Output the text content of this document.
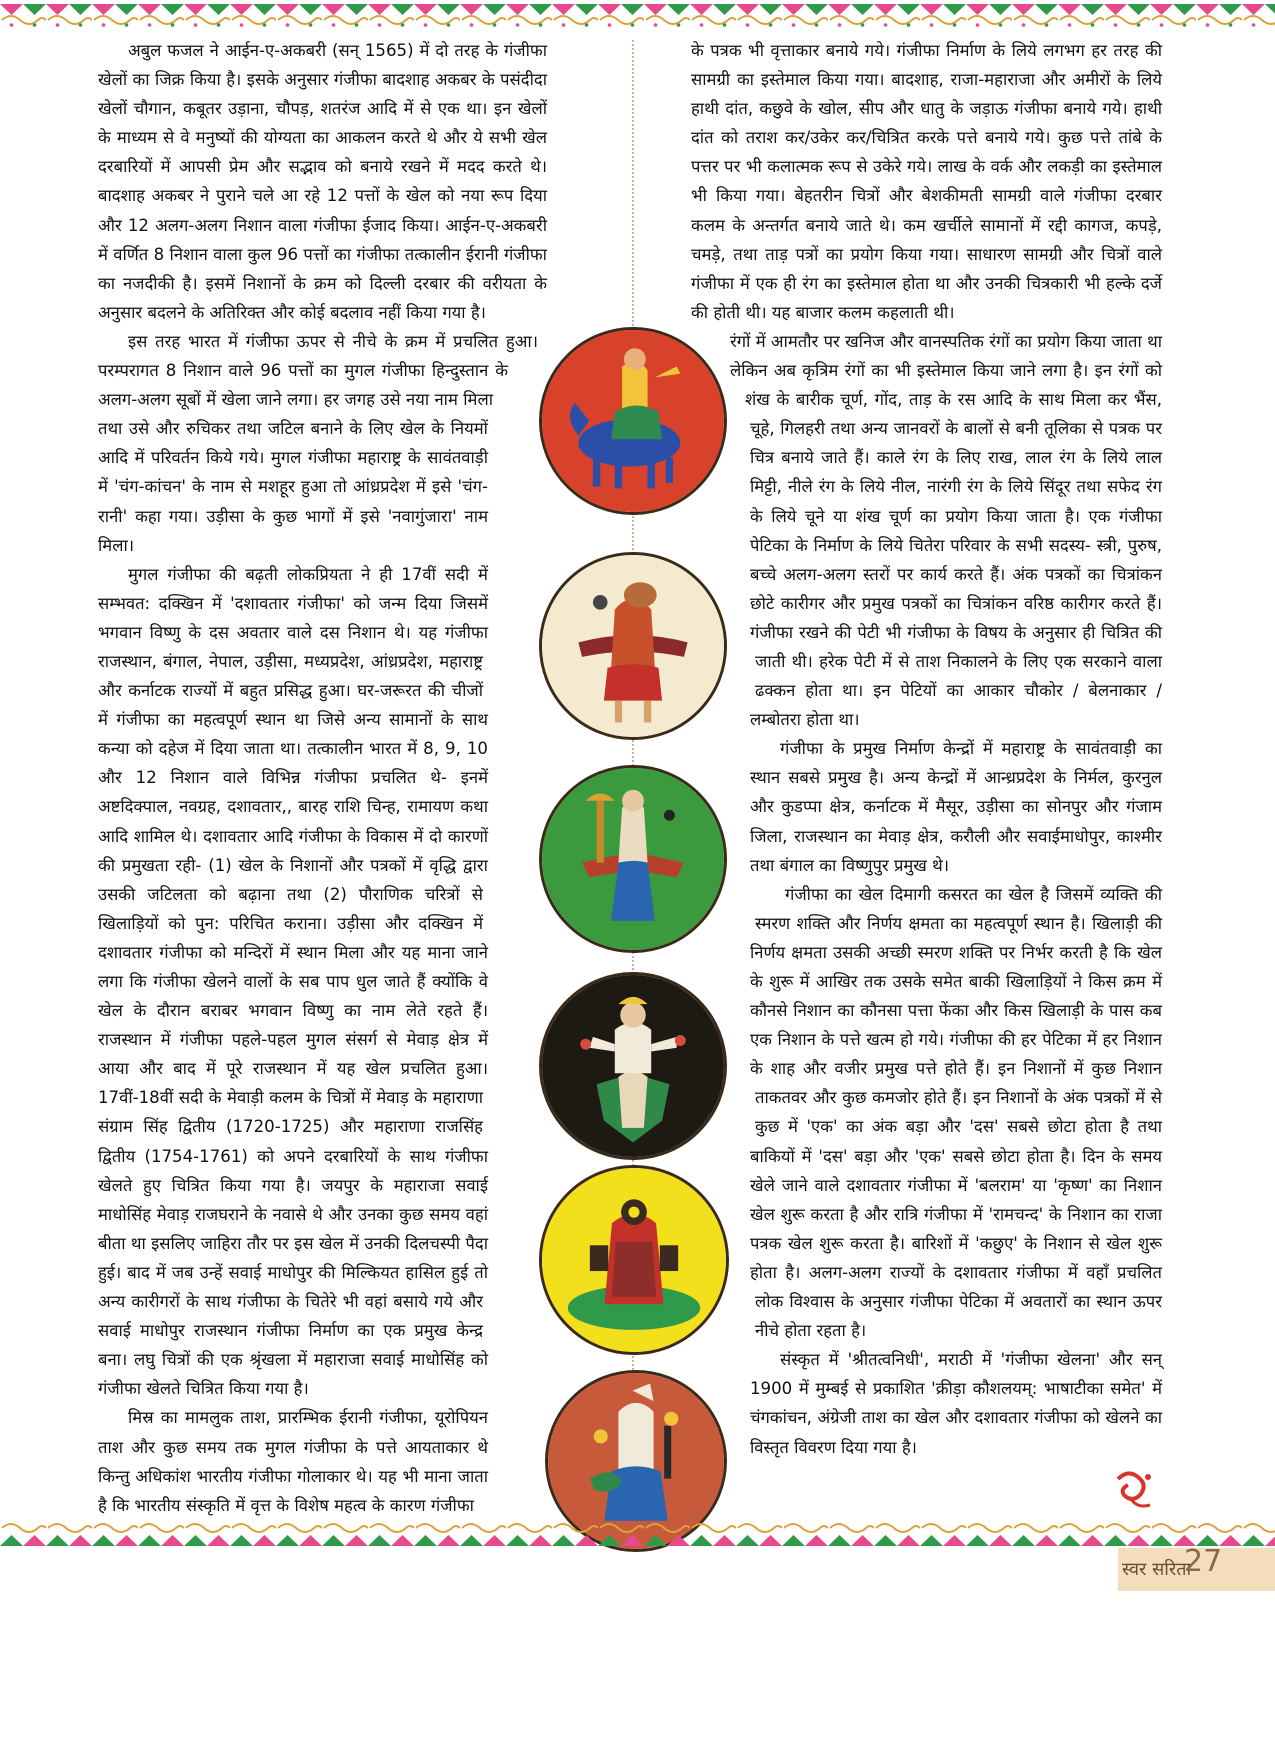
अबुल फजल ने आईन-ए-अकबरी (सन् 1565) में दो तरह के गंजीफा खेलों का जिक्र किया है। इसके अनुसार गंजीफा बादशाह अकबर के पसंदीदा खेलों चौगान, कबूतर उड़ाना, चौपड़, शतरंज आदि में से एक था। इन खेलों के माध्यम से वे मनुष्यों की योग्यता का आकलन करते थे और ये सभी खेल दरबारियों में आपसी प्रेम और सद्भाव को बनाये रखने में मदद करते थे। बादशाह अकबर ने पुराने चले आ रहे 12 पत्तों के खेल को नया रूप दिया और 12 अलग-अलग निशान वाला गंजीफा ईजाद किया। आईन-ए-अकबरी में वर्णित 8 निशान वाला कुल 96 पत्तों का गंजीफा तत्कालीन ईरानी गंजीफा का नजदीकी है। इसमें निशानों के क्रम को दिल्ली दरबार की वरीयता के अनुसार बदलने के अतिरिक्त और कोई बदलाव नहीं किया गया है।

इस तरह भारत में गंजीफा ऊपर से नीचे के क्रम में प्रचलित हुआ। परम्परागत 8 निशान वाले 96 पत्तों का मुगल गंजीफा हिन्दुस्तान के अलग-अलग सूबों में खेला जाने लगा। हर जगह उसे नया नाम मिला तथा उसे और रुचिकर तथा जटिल बनाने के लिए खेल के नियमों आदि में परिवर्तन किये गये। मुगल गंजीफा महाराष्ट्र के सावंतवाड़ी में 'चंग-कांचन' के नाम से मशहूर हुआ तो आंध्रप्रदेश में इसे 'चंग-रानी' कहा गया। उड़ीसा के कुछ भागों में इसे 'नवागुंजारा' नाम मिला।

मुगल गंजीफा की बढ़ती लोकप्रियता ने ही 17वीं सदी में सम्भवत: दक्खिन में 'दशावतार गंजीफा' को जन्म दिया जिसमें भगवान विष्णु के दस अवतार वाले दस निशान थे। यह गंजीफा राजस्थान, बंगाल, नेपाल, उड़ीसा, मध्यप्रदेश, आंध्रप्रदेश, महाराष्ट्र और कर्नाटक राज्यों में बहुत प्रसिद्ध हुआ। घर-जरूरत की चीजों में गंजीफा का महत्वपूर्ण स्थान था जिसे अन्य सामानों के साथ कन्या को दहेज में दिया जाता था। तत्कालीन भारत में 8, 9, 10 और 12 निशान वाले विभिन्न गंजीफा प्रचलित थे- इनमें अष्टदिक्पाल, नवग्रह, दशावतार,, बारह राशि चिन्ह, रामायण कथा आदि शामिल थे। दशावतार आदि गंजीफा के विकास में दो कारणों की प्रमुखता रही- (1) खेल के निशानों और पत्रकों में वृद्धि द्वारा उसकी जटिलता को बढ़ाना तथा (2) पौराणिक चरित्रों से खिलाड़ियों को पुन: परिचित कराना। उड़ीसा और दक्खिन में दशावतार गंजीफा को मन्दिरों में स्थान मिला और यह माना जाने लगा कि गंजीफा खेलने वालों के सब पाप धुल जाते हैं क्योंकि वे खेल के दौरान बराबर भगवान विष्णु का नाम लेते रहते हैं। राजस्थान में गंजीफा पहले-पहल मुगल संसर्ग से मेवाड़ क्षेत्र में आया और बाद में पूरे राजस्थान में यह खेल प्रचलित हुआ। 17वीं-18वीं सदी के मेवाड़ी कलम के चित्रों में मेवाड़ के महाराणा संग्राम सिंह द्वितीय (1720-1725) और महाराणा राजसिंह द्वितीय (1754-1761) को अपने दरबारियों के साथ गंजीफा खेलते हुए चित्रित किया गया है। जयपुर के महाराजा सवाई माधोसिंह मेवाड़ राजघराने के नवासे थे और उनका कुछ समय वहां बीता था इसलिए जाहिरा तौर पर इस खेल में उनकी दिलचस्पी पैदा हुई। बाद में जब उन्हें सवाई माधोपुर की मिल्कियत हासिल हुई तो अन्य कारीगरों के साथ गंजीफा के चितेरे भी वहां बसाये गये और सवाई माधोपुर राजस्थान गंजीफा निर्माण का एक प्रमुख केन्द्र बना। लघु चित्रों की एक श्रृंखला में महाराजा सवाई माधोसिंह को गंजीफा खेलते चित्रित किया गया है।

मिस्र का मामलुक ताश, प्रारम्भिक ईरानी गंजीफा, यूरोपियन ताश और कुछ समय तक मुगल गंजीफा के पत्ते आयताकार थे किन्तु अधिकांश भारतीय गंजीफा गोलाकार थे। यह भी माना जाता है कि भारतीय संस्कृति में वृत्त के विशेष महत्व के कारण गंजीफा

के पत्रक भी वृत्ताकार बनाये गये। गंजीफा निर्माण के लिये लगभग हर तरह की सामग्री का इस्तेमाल किया गया। बादशाह, राजा-महाराजा और अमीरों के लिये हाथी दांत, कछुवे के खोल, सीप और धातु के जड़ाऊ गंजीफा बनाये गये। हाथी दांत को तराश कर/उकेर कर/चित्रित करके पत्ते बनाये गये। कुछ पत्ते तांबे के पत्तर पर भी कलात्मक रूप से उकेरे गये। लाख के वर्क और लकड़ी का इस्तेमाल भी किया गया। बेहतरीन चित्रों और बेशकीमती सामग्री वाले गंजीफा दरबार कलम के अन्तर्गत बनाये जाते थे। कम खर्चीले सामानों में रद्दी कागज, कपड़े, चमड़े, तथा ताड़ पत्रों का प्रयोग किया गया। साधारण सामग्री और चित्रों वाले गंजीफा में एक ही रंग का इस्तेमाल होता था और उनकी चित्रकारी भी हल्के दर्जे की होती थी। यह बाजार कलम कहलाती थी।

रंगों में आमतौर पर खनिज और वानस्पतिक रंगों का प्रयोग किया जाता था लेकिन अब कृत्रिम रंगों का भी इस्तेमाल किया जाने लगा है। इन रंगों को शंख के बारीक चूर्ण, गोंद, ताड़ के रस आदि के साथ मिला कर भैंस, चूहे, गिलहरी तथा अन्य जानवरों के बालों से बनी तूलिका से पत्रक पर चित्र बनाये जाते हैं। काले रंग के लिए राख, लाल रंग के लिये लाल मिट्टी, नीले रंग के लिये नील, नारंगी रंग के लिये सिंदूर तथा सफेद रंग के लिये चूने या शंख चूर्ण का प्रयोग किया जाता है। एक गंजीफा पेटिका के निर्माण के लिये चितेरा परिवार के सभी सदस्य- स्त्री, पुरुष, बच्चे अलग-अलग स्तरों पर कार्य करते हैं। अंक पत्रकों का चित्रांकन छोटे कारीगर और प्रमुख पत्रकों का चित्रांकन वरिष्ठ कारीगर करते हैं। गंजीफा रखने की पेटी भी गंजीफा के विषय के अनुसार ही चित्रित की जाती थी। हरेक पेटी में से ताश निकालने के लिए एक सरकाने वाला ढक्कन होता था। इन पेटियों का आकार चौकोर / बेलनाकार / लम्बोतरा होता था।

गंजीफा के प्रमुख निर्माण केन्द्रों में महाराष्ट्र के सावंतवाड़ी का स्थान सबसे प्रमुख है। अन्य केन्द्रों में आन्ध्रप्रदेश के निर्मल, कुरनुल और कुडप्पा क्षेत्र, कर्नाटक में मैसूर, उड़ीसा का सोनपुर और गंजाम जिला, राजस्थान का मेवाड़ क्षेत्र, करौली और सवाईमाधोपुर, काश्मीर तथा बंगाल का विष्णुपुर प्रमुख थे।

गंजीफा का खेल दिमागी कसरत का खेल है जिसमें व्यक्ति की स्मरण शक्ति और निर्णय क्षमता का महत्वपूर्ण स्थान है। खिलाड़ी की निर्णय क्षमता उसकी अच्छी स्मरण शक्ति पर निर्भर करती है कि खेल के शुरू में आखिर तक उसके समेत बाकी खिलाड़ियों ने किस क्रम में कौनसे निशान का कौनसा पत्ता फेंका और किस खिलाड़ी के पास कब एक निशान के पत्ते खत्म हो गये। गंजीफा की हर पेटिका में हर निशान के शाह और वजीर प्रमुख पत्ते होते हैं। इन निशानों में कुछ निशान ताकतवर और कुछ कमजोर होते हैं। इन निशानों के अंक पत्रकों में से कुछ में 'एक' का अंक बड़ा और 'दस' सबसे छोटा होता है तथा बाकियों में 'दस' बड़ा और 'एक' सबसे छोटा होता है। दिन के समय खेले जाने वाले दशावतार गंजीफा में 'बलराम' या 'कृष्ण' का निशान खेल शुरू करता है और रात्रि गंजीफा में 'रामचन्द' के निशान का राजा पत्रक खेल शुरू करता है। बारिशों में 'कछुए' के निशान से खेल शुरू होता है। अलग-अलग राज्यों के दशावतार गंजीफा में वहाँ प्रचलित लोक विश्वास के अनुसार गंजीफा पेटिका में अवतारों का स्थान ऊपर नीचे होता रहता है।

संस्कृत में 'श्रीतत्वनिधी', मराठी में 'गंजीफा खेलना' और सन् 1900 में मुम्बई से प्रकाशित 'क्रीड़ा कौशलयम्: भाषाटीका समेत' में चंगकांचन, अंग्रेजी ताश का खेल और दशावतार गंजीफा को खेलने का विस्तृत विवरण दिया गया है।

स्वर सरिता
27
